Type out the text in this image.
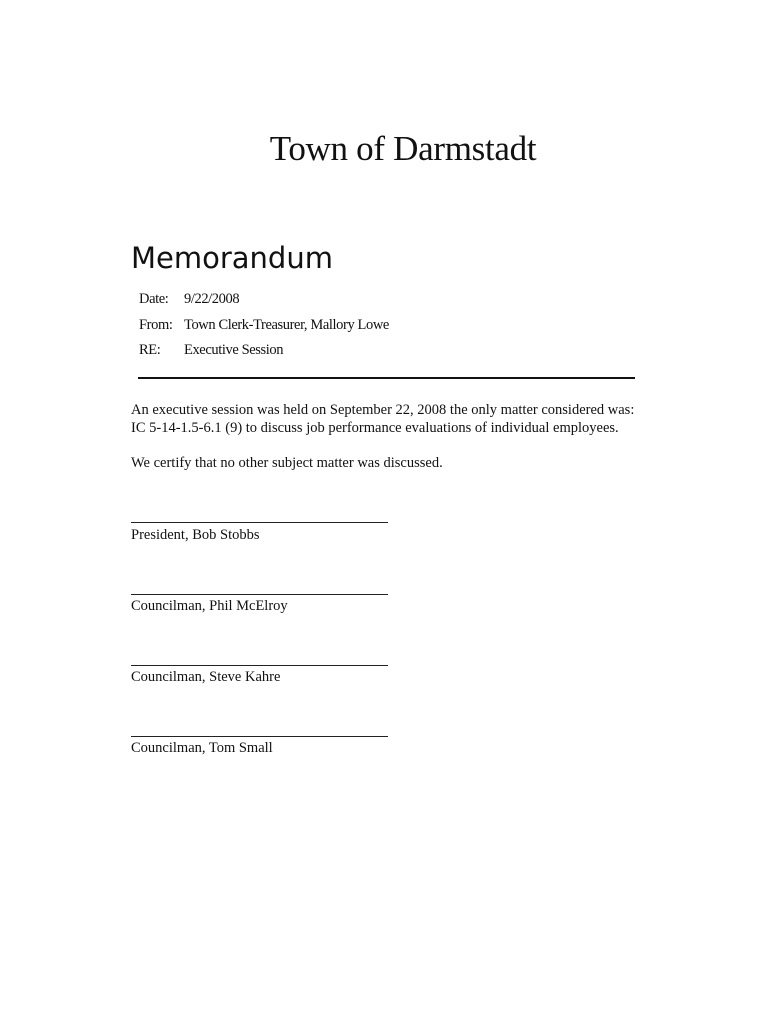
Town of Darmstadt
Memorandum
Date: 9/22/2008
From: Town Clerk-Treasurer, Mallory Lowe
RE: Executive Session
An executive session was held on September 22, 2008 the only matter considered was:
IC 5-14-1.5-6.1 (9) to discuss job performance evaluations of individual employees.
We certify that no other subject matter was discussed.
President, Bob Stobbs
Councilman, Phil McElroy
Councilman, Steve Kahre
Councilman, Tom Small
